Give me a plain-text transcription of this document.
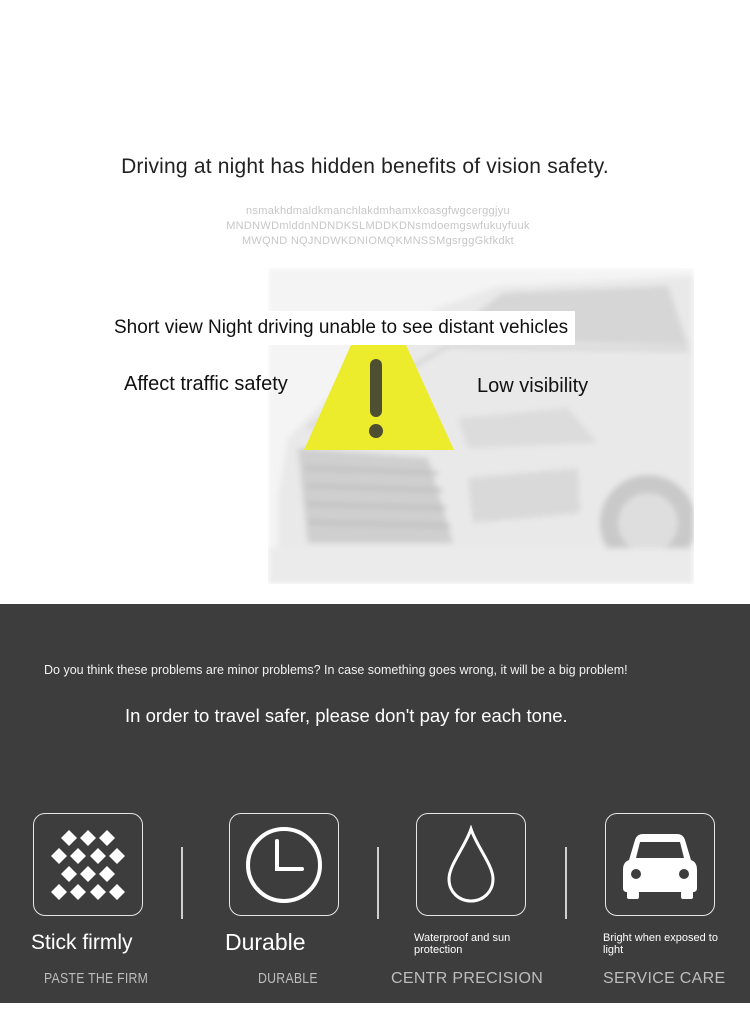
Driving at night has hidden benefits of vision safety.
nsmakhdmaldkmanchlakdmhamxkoasgfwgcerggjyu
MNDNWDmlddnNDNDKSLMDDKDNsmdoemgswfukuyfuuk
MWQND NQJNDWKDNIOMQKMNSSMgsrggGkfkdkt
Short view Night driving unable to see distant vehicles
Affect traffic safety	Low visibility
Do you think these problems are minor problems? In case something goes wrong, it will be a big problem!
In order to travel safer, please don't pay for each tone.
Stick firmly
PASTE THE FIRM
Durable
DURABLE
Waterproof and sun protection
CENTR PRECISION
Bright when exposed to light
SERVICE CARE
